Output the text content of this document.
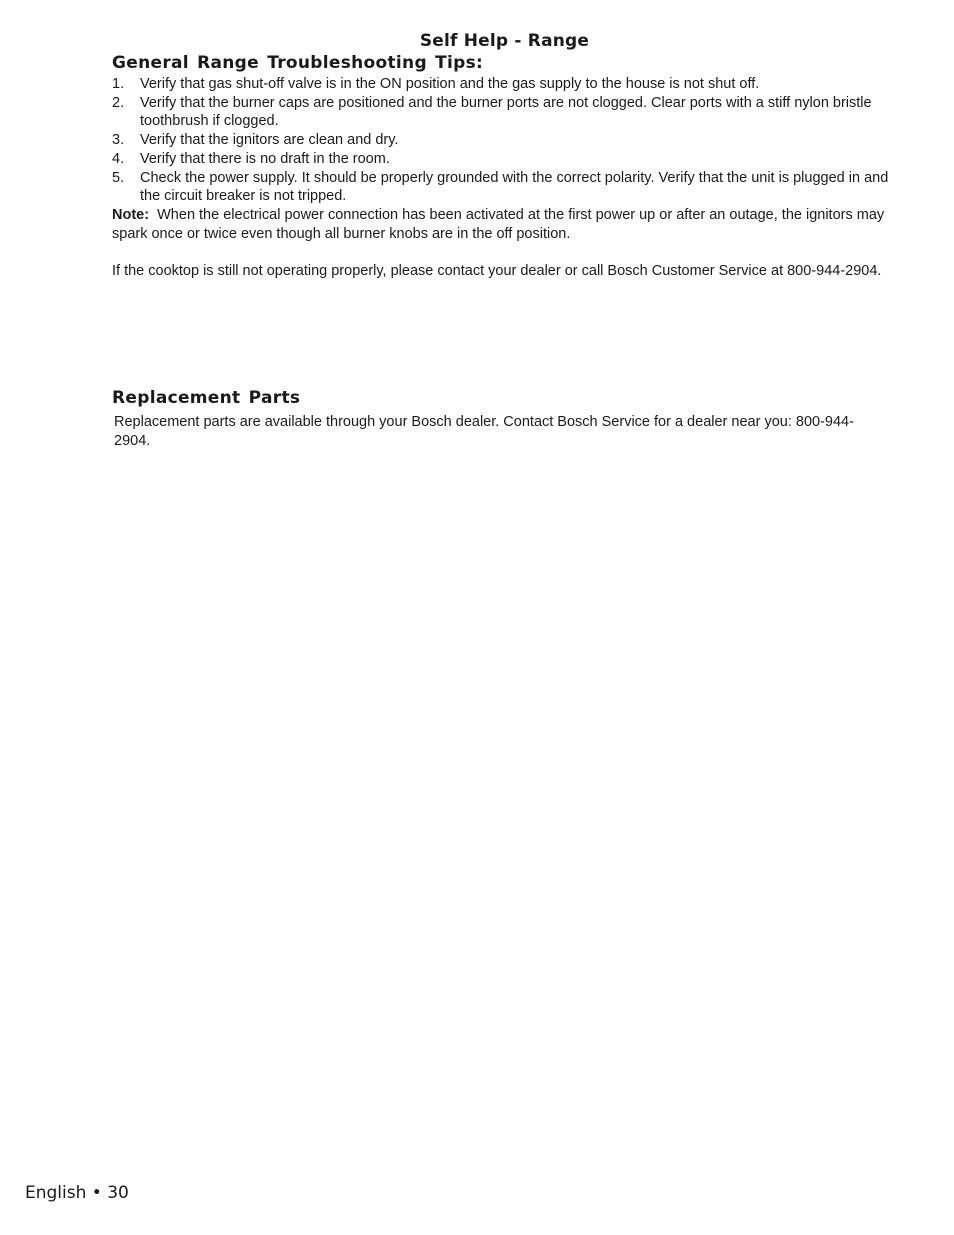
Self Help - Range
General Range Troubleshooting Tips:
1. Verify that gas shut-off valve is in the ON position and the gas supply to the house is not shut off.
2. Verify that the burner caps are positioned and the burner ports are not clogged. Clear ports with a stiff nylon bristle toothbrush if clogged.
3. Verify that the ignitors are clean and dry.
4. Verify that there is no draft in the room.
5. Check the power supply. It should be properly grounded with the correct polarity. Verify that the unit is plugged in and the circuit breaker is not tripped.

Note: When the electrical power connection has been activated at the first power up or after an outage, the ignitors may spark once or twice even though all burner knobs are in the off position.

If the cooktop is still not operating properly, please contact your dealer or call Bosch Customer Service at 800-944-2904.

Replacement Parts

Replacement parts are available through your Bosch dealer. Contact Bosch Service for a dealer near you: 800-944-2904.

English • 30
